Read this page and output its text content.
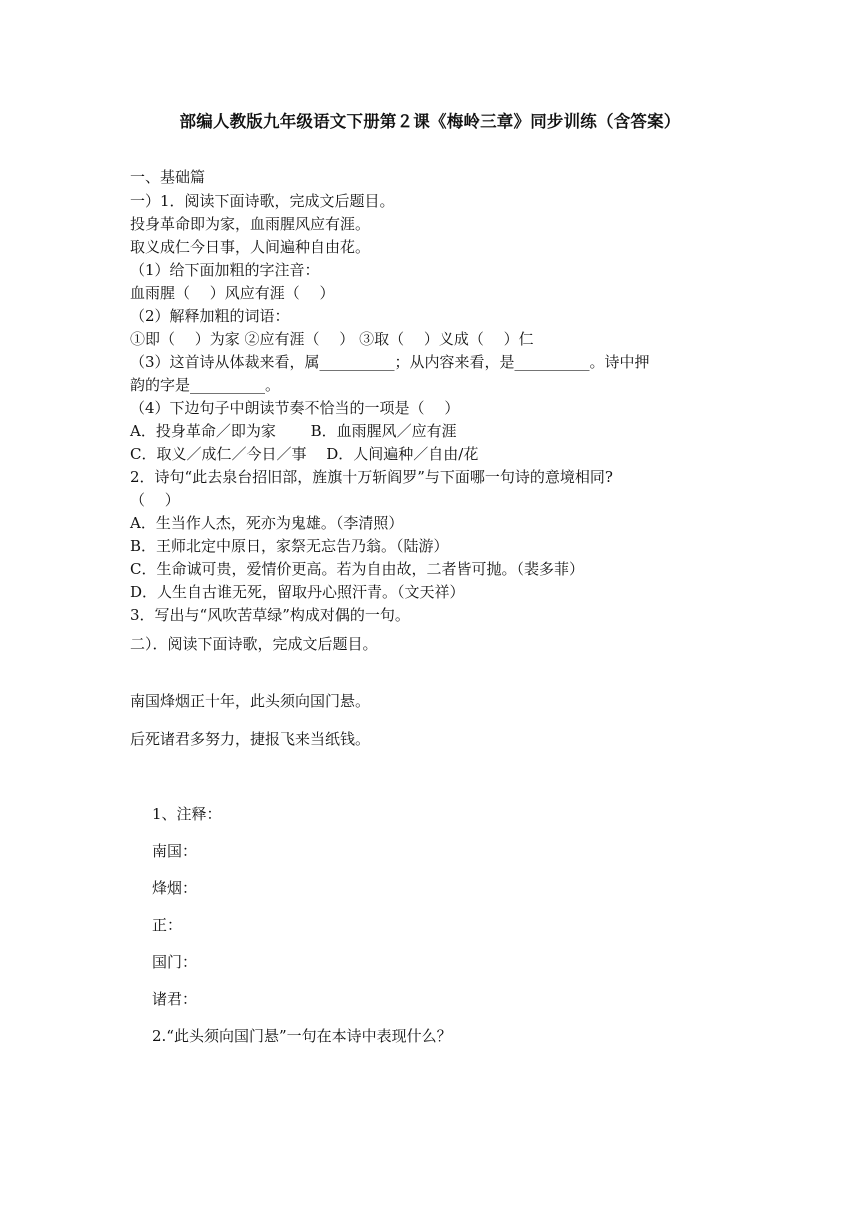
部编人教版九年级语文下册第２课《梅岭三章》同步训练（含答案）
一、基础篇
一）1．阅读下面诗歌，完成文后题目。
投身革命即为家，血雨腥风应有涯。
取义成仁今日事，人间遍种自由花。
（1）给下面加粗的字注音：
血雨腥（　 ）风应有涯（　 ）
（2）解释加粗的词语：
①即（　 ）为家 ②应有涯（　 ） ③取（　 ）义成（　 ）仁
（3）这首诗从体裁来看，属__________；从内容来看，是__________。诗中押
韵的字是__________。
（4）下边句子中朗读节奏不恰当的一项是（　 ）
A．投身革命／即为家　　 B．血雨腥风／应有涯
C．取义／成仁／今日／事　 D．人间遍种／自由/花
2．诗句“此去泉台招旧部，旌旗十万斩阎罗”与下面哪一句诗的意境相同?
（　 ）
A．生当作人杰，死亦为鬼雄。（李清照）
B．王师北定中原日，家祭无忘告乃翁。（陆游）
C．生命诚可贵，爱情价更高。若为自由故，二者皆可抛。（裴多菲）
D．人生自古谁无死，留取丹心照汗青。（文天祥）
3．写出与“风吹苦草绿”构成对偶的一句。
二）．阅读下面诗歌，完成文后题目。
南国烽烟正十年，此头须向国门悬。
后死诸君多努力，捷报飞来当纸钱。
1、注释：
南国：
烽烟：
正：
国门：
诸君：
2.“此头须向国门悬”一句在本诗中表现什么？
